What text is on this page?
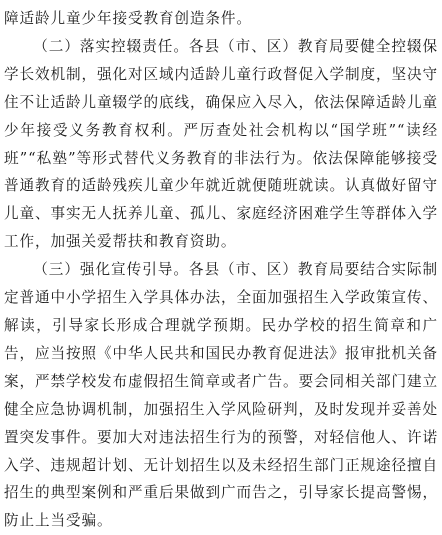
障适龄儿童少年接受教育创造条件。

（二）落实控辍责任。各县（市、区）教育局要健全控辍保学长效机制，强化对区域内适龄儿童行政督促入学制度，坚决守住不让适龄儿童辍学的底线，确保应入尽入，依法保障适龄儿童少年接受义务教育权利。严厉查处社会机构以“国学班”“读经班”“私塾”等形式替代义务教育的非法行为。依法保障能够接受普通教育的适龄残疾儿童少年就近就便随班就读。认真做好留守儿童、事实无人抚养儿童、孤儿、家庭经济困难学生等群体入学工作，加强关爱帮扶和教育资助。

（三）强化宣传引导。各县（市、区）教育局要结合实际制定普通中小学招生入学具体办法，全面加强招生入学政策宣传、解读，引导家长形成合理就学预期。民办学校的招生简章和广告，应当按照《中华人民共和国民办教育促进法》报审批机关备案，严禁学校发布虚假招生简章或者广告。要会同相关部门建立健全应急协调机制，加强招生入学风险研判，及时发现并妥善处置突发事件。要加大对违法招生行为的预警，对轻信他人、许诺入学、违规超计划、无计划招生以及未经招生部门正规途径擅自招生的典型案例和严重后果做到广而告之，引导家长提高警惕，防止上当受骗。
